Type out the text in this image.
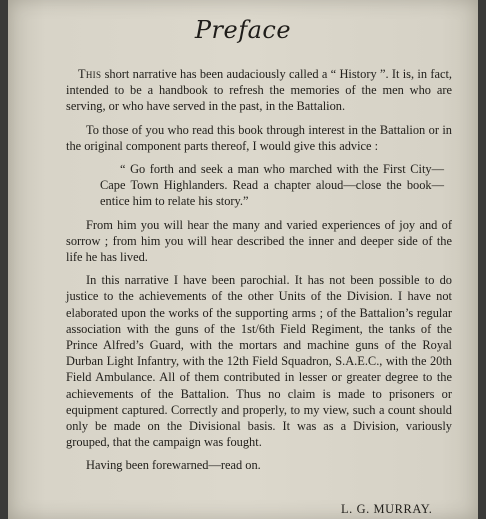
Preface

This short narrative has been audaciously called a “ History ”. It is, in fact, intended to be a handbook to refresh the memories of the men who are serving, or who have served in the past, in the Battalion.

To those of you who read this book through interest in the Battalion or in the original component parts thereof, I would give this advice :

“ Go forth and seek a man who marched with the First City—Cape Town Highlanders. Read a chapter aloud—close the book—entice him to relate his story.”

From him you will hear the many and varied experiences of joy and of sorrow ; from him you will hear described the inner and deeper side of the life he has lived.

In this narrative I have been parochial. It has not been possible to do justice to the achievements of the other Units of the Division. I have not elaborated upon the works of the supporting arms ; of the Battalion’s regular association with the guns of the 1st/6th Field Regiment, the tanks of the Prince Alfred’s Guard, with the mortars and machine guns of the Royal Durban Light Infantry, with the 12th Field Squadron, S.A.E.C., with the 20th Field Ambulance. All of them contributed in lesser or greater degree to the achievements of the Battalion. Thus no claim is made to prisoners or equipment captured. Correctly and properly, to my view, such a count should only be made on the Divisional basis. It was as a Division, variously grouped, that the campaign was fought.

Having been forewarned—read on.

L. G. MURRAY.
